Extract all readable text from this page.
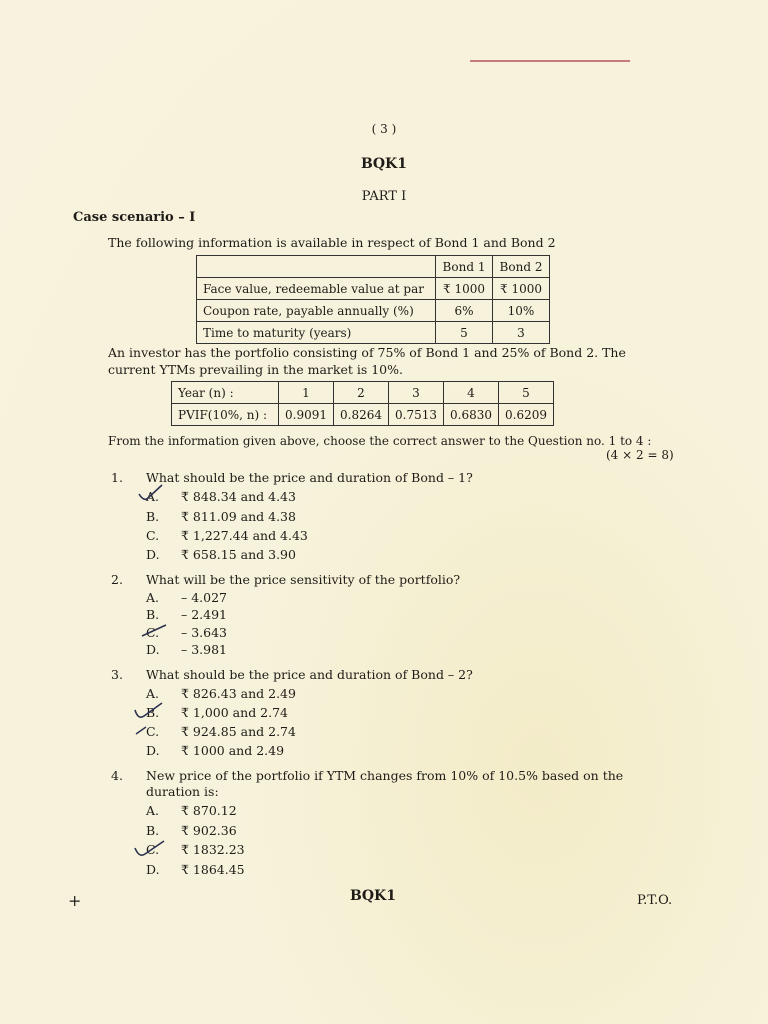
( 3 )
BQK1
PART I
Case scenario – I
The following information is available in respect of Bond 1 and Bond 2
	Bond 1	Bond 2
Face value, redeemable value at par	₹ 1000	₹ 1000
Coupon rate, payable annually (%)	6%	10%
Time to maturity (years)	5	3
An investor has the portfolio consisting of 75% of Bond 1 and 25% of Bond 2. The
current YTMs prevailing in the market is 10%.
Year (n) :	1	2	3	4	5
PVIF(10%, n) :	0.9091	0.8264	0.7513	0.6830	0.6209
From the information given above, choose the correct answer to the Question no. 1 to 4 :
(4 × 2 = 8)
1. What should be the price and duration of Bond – 1?
A. ₹ 848.34 and 4.43
B. ₹ 811.09 and 4.38
C. ₹ 1,227.44 and 4.43
D. ₹ 658.15 and 3.90
2. What will be the price sensitivity of the portfolio?
A. – 4.027
B. – 2.491
C. – 3.643
D. – 3.981
3. What should be the price and duration of Bond – 2?
A. ₹ 826.43 and 2.49
B. ₹ 1,000 and 2.74
C. ₹ 924.85 and 2.74
D. ₹ 1000 and 2.49
4. New price of the portfolio if YTM changes from 10% of 10.5% based on the
duration is:
A. ₹ 870.12
B. ₹ 902.36
C. ₹ 1832.23
D. ₹ 1864.45
+	BQK1	P.T.O.
